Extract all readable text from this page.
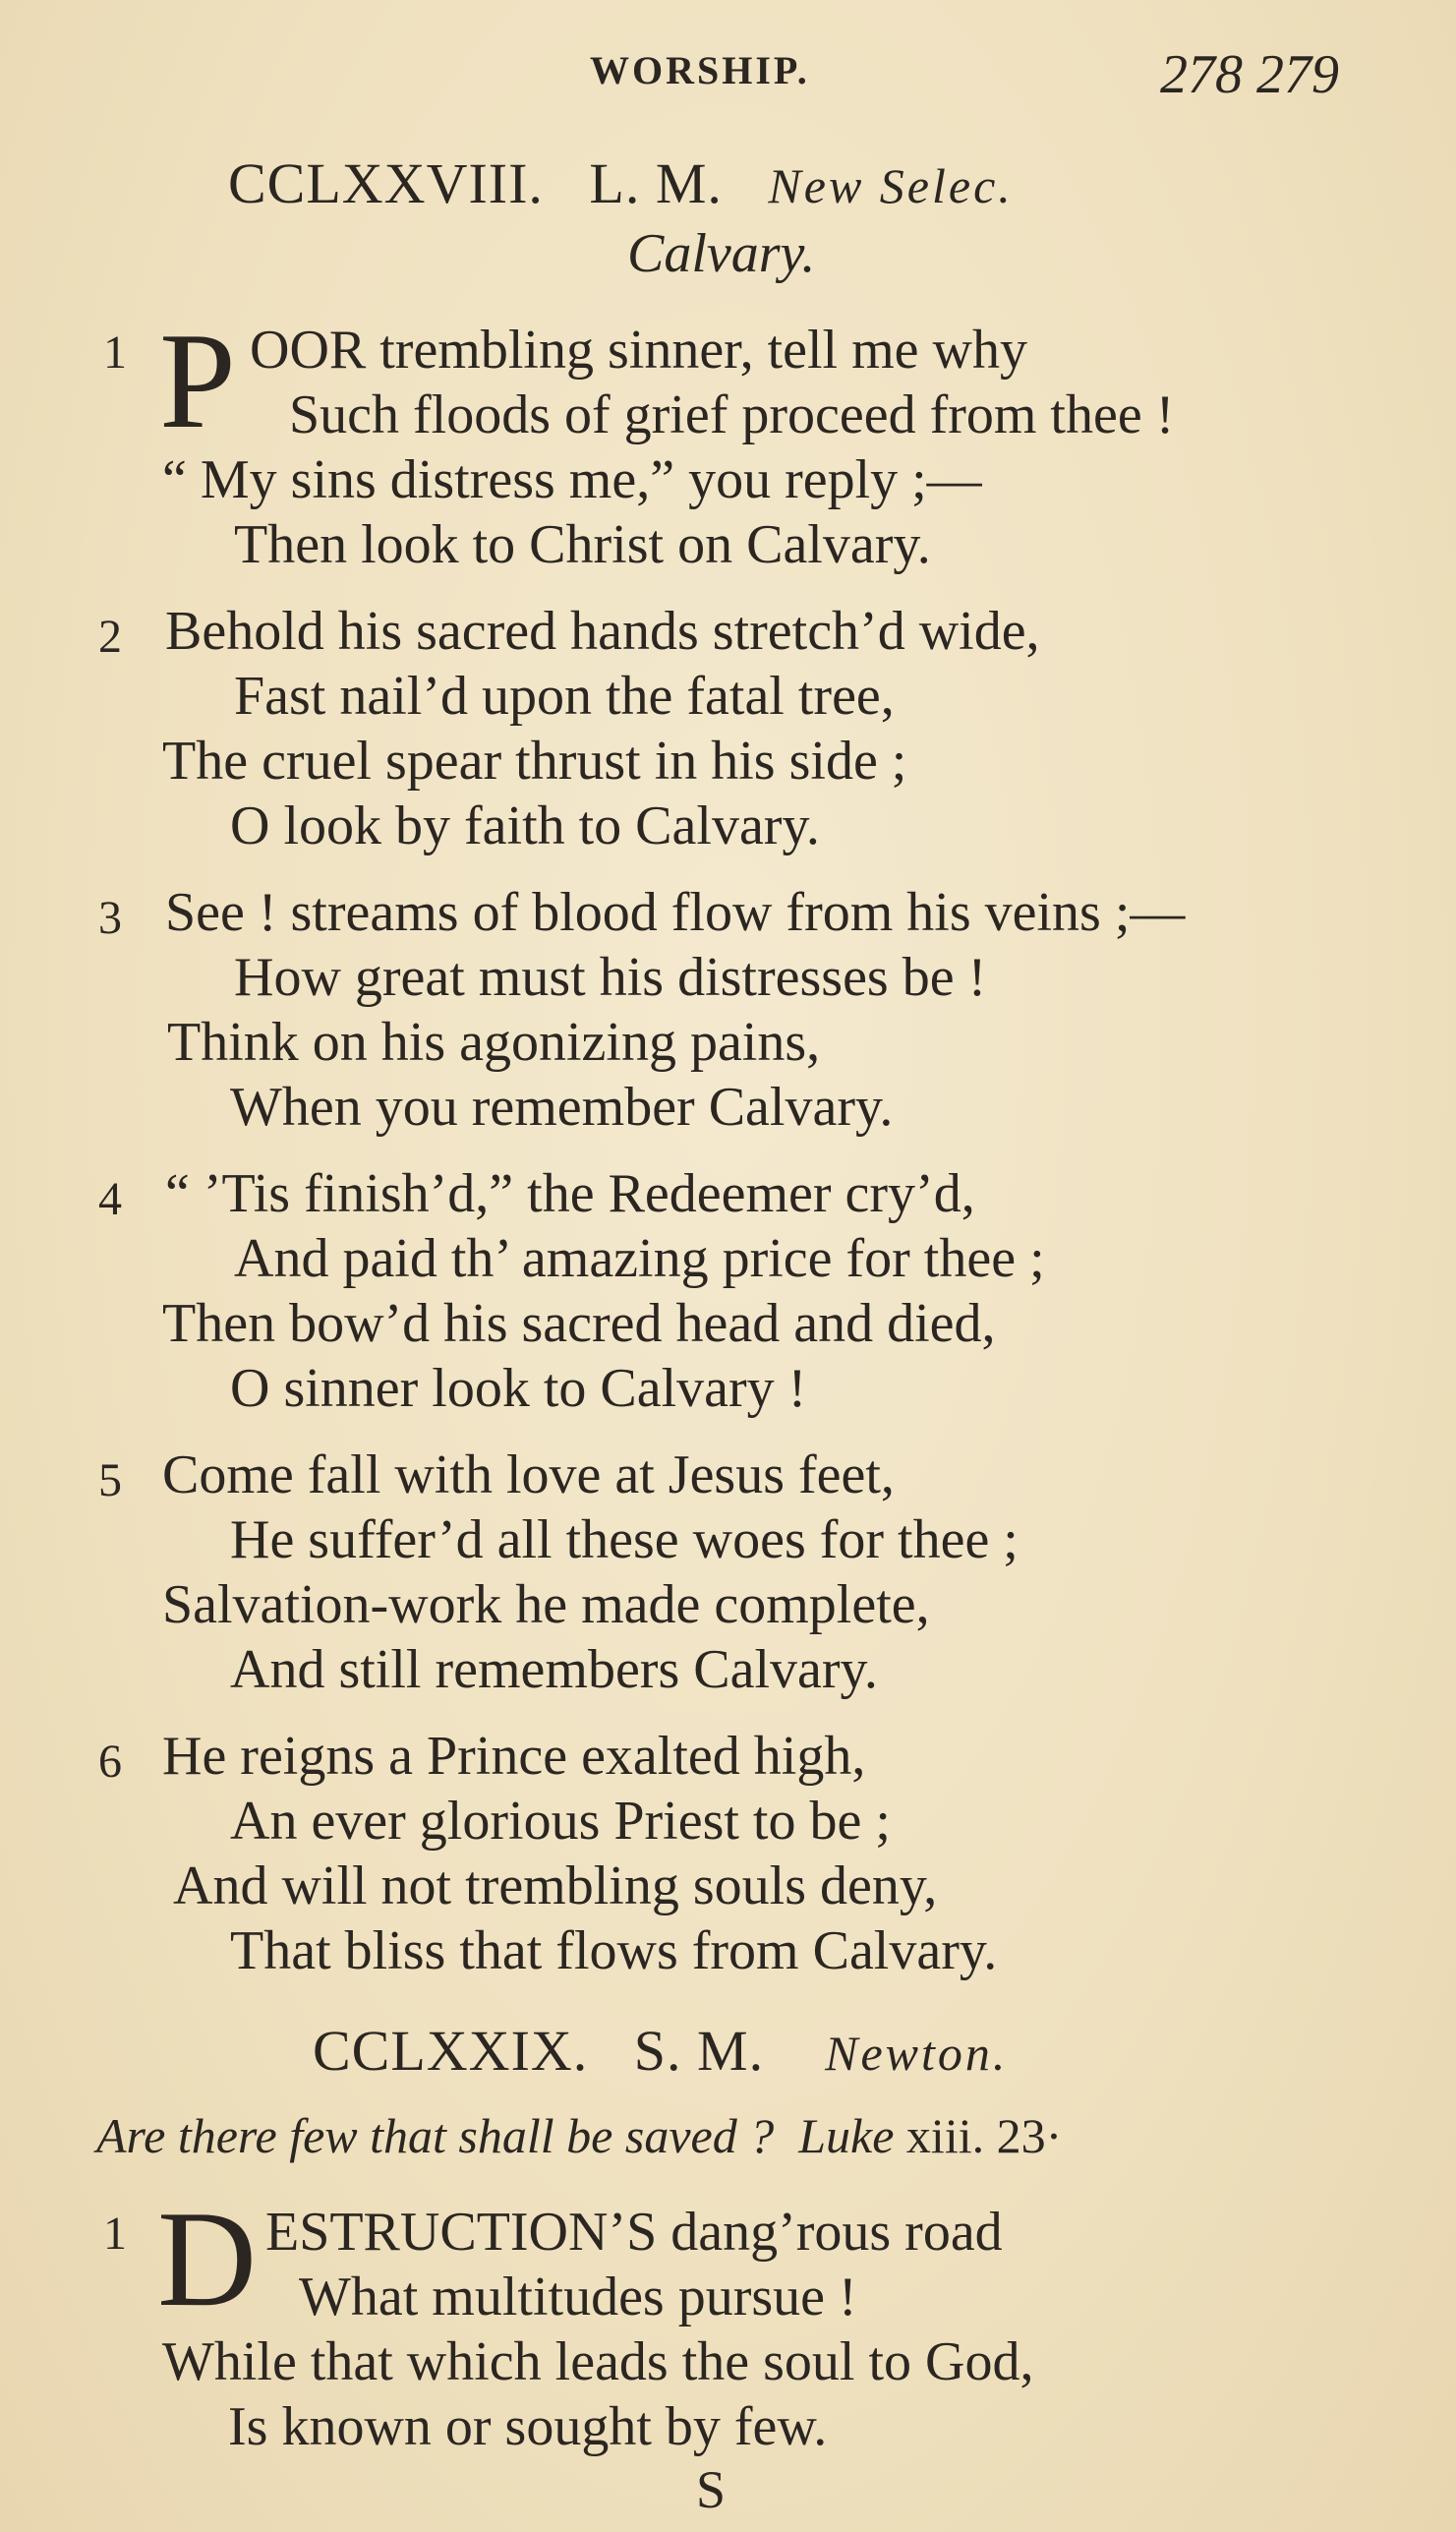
WORSHIP.	278 279
CCLXXVIII. L. M. New Selec.
Calvary.
1 P OOR trembling sinner, tell me why
Such floods of grief proceed from thee !
“ My sins distress me,” you reply ;—
Then look to Christ on Calvary.
2 Behold his sacred hands stretch’d wide,
Fast nail’d upon the fatal tree,
The cruel spear thrust in his side ;
O look by faith to Calvary.
3 See ! streams of blood flow from his veins ;—
How great must his distresses be !
Think on his agonizing pains,
When you remember Calvary.
4 “ ’Tis finish’d,” the Redeemer cry’d,
And paid th’ amazing price for thee ;
Then bow’d his sacred head and died,
O sinner look to Calvary !
5 Come fall with love at Jesus feet,
He suffer’d all these woes for thee ;
Salvation-work he made complete,
And still remembers Calvary.
6 He reigns a Prince exalted high,
An ever glorious Priest to be ;
And will not trembling souls deny,
That bliss that flows from Calvary.
CCLXXIX. S. M. Newton.
Are there few that shall be saved ? Luke xiii. 23·
1 D ESTRUCTION’S dang’rous road
What multitudes pursue !
While that which leads the soul to God,
Is known or sought by few.
S
